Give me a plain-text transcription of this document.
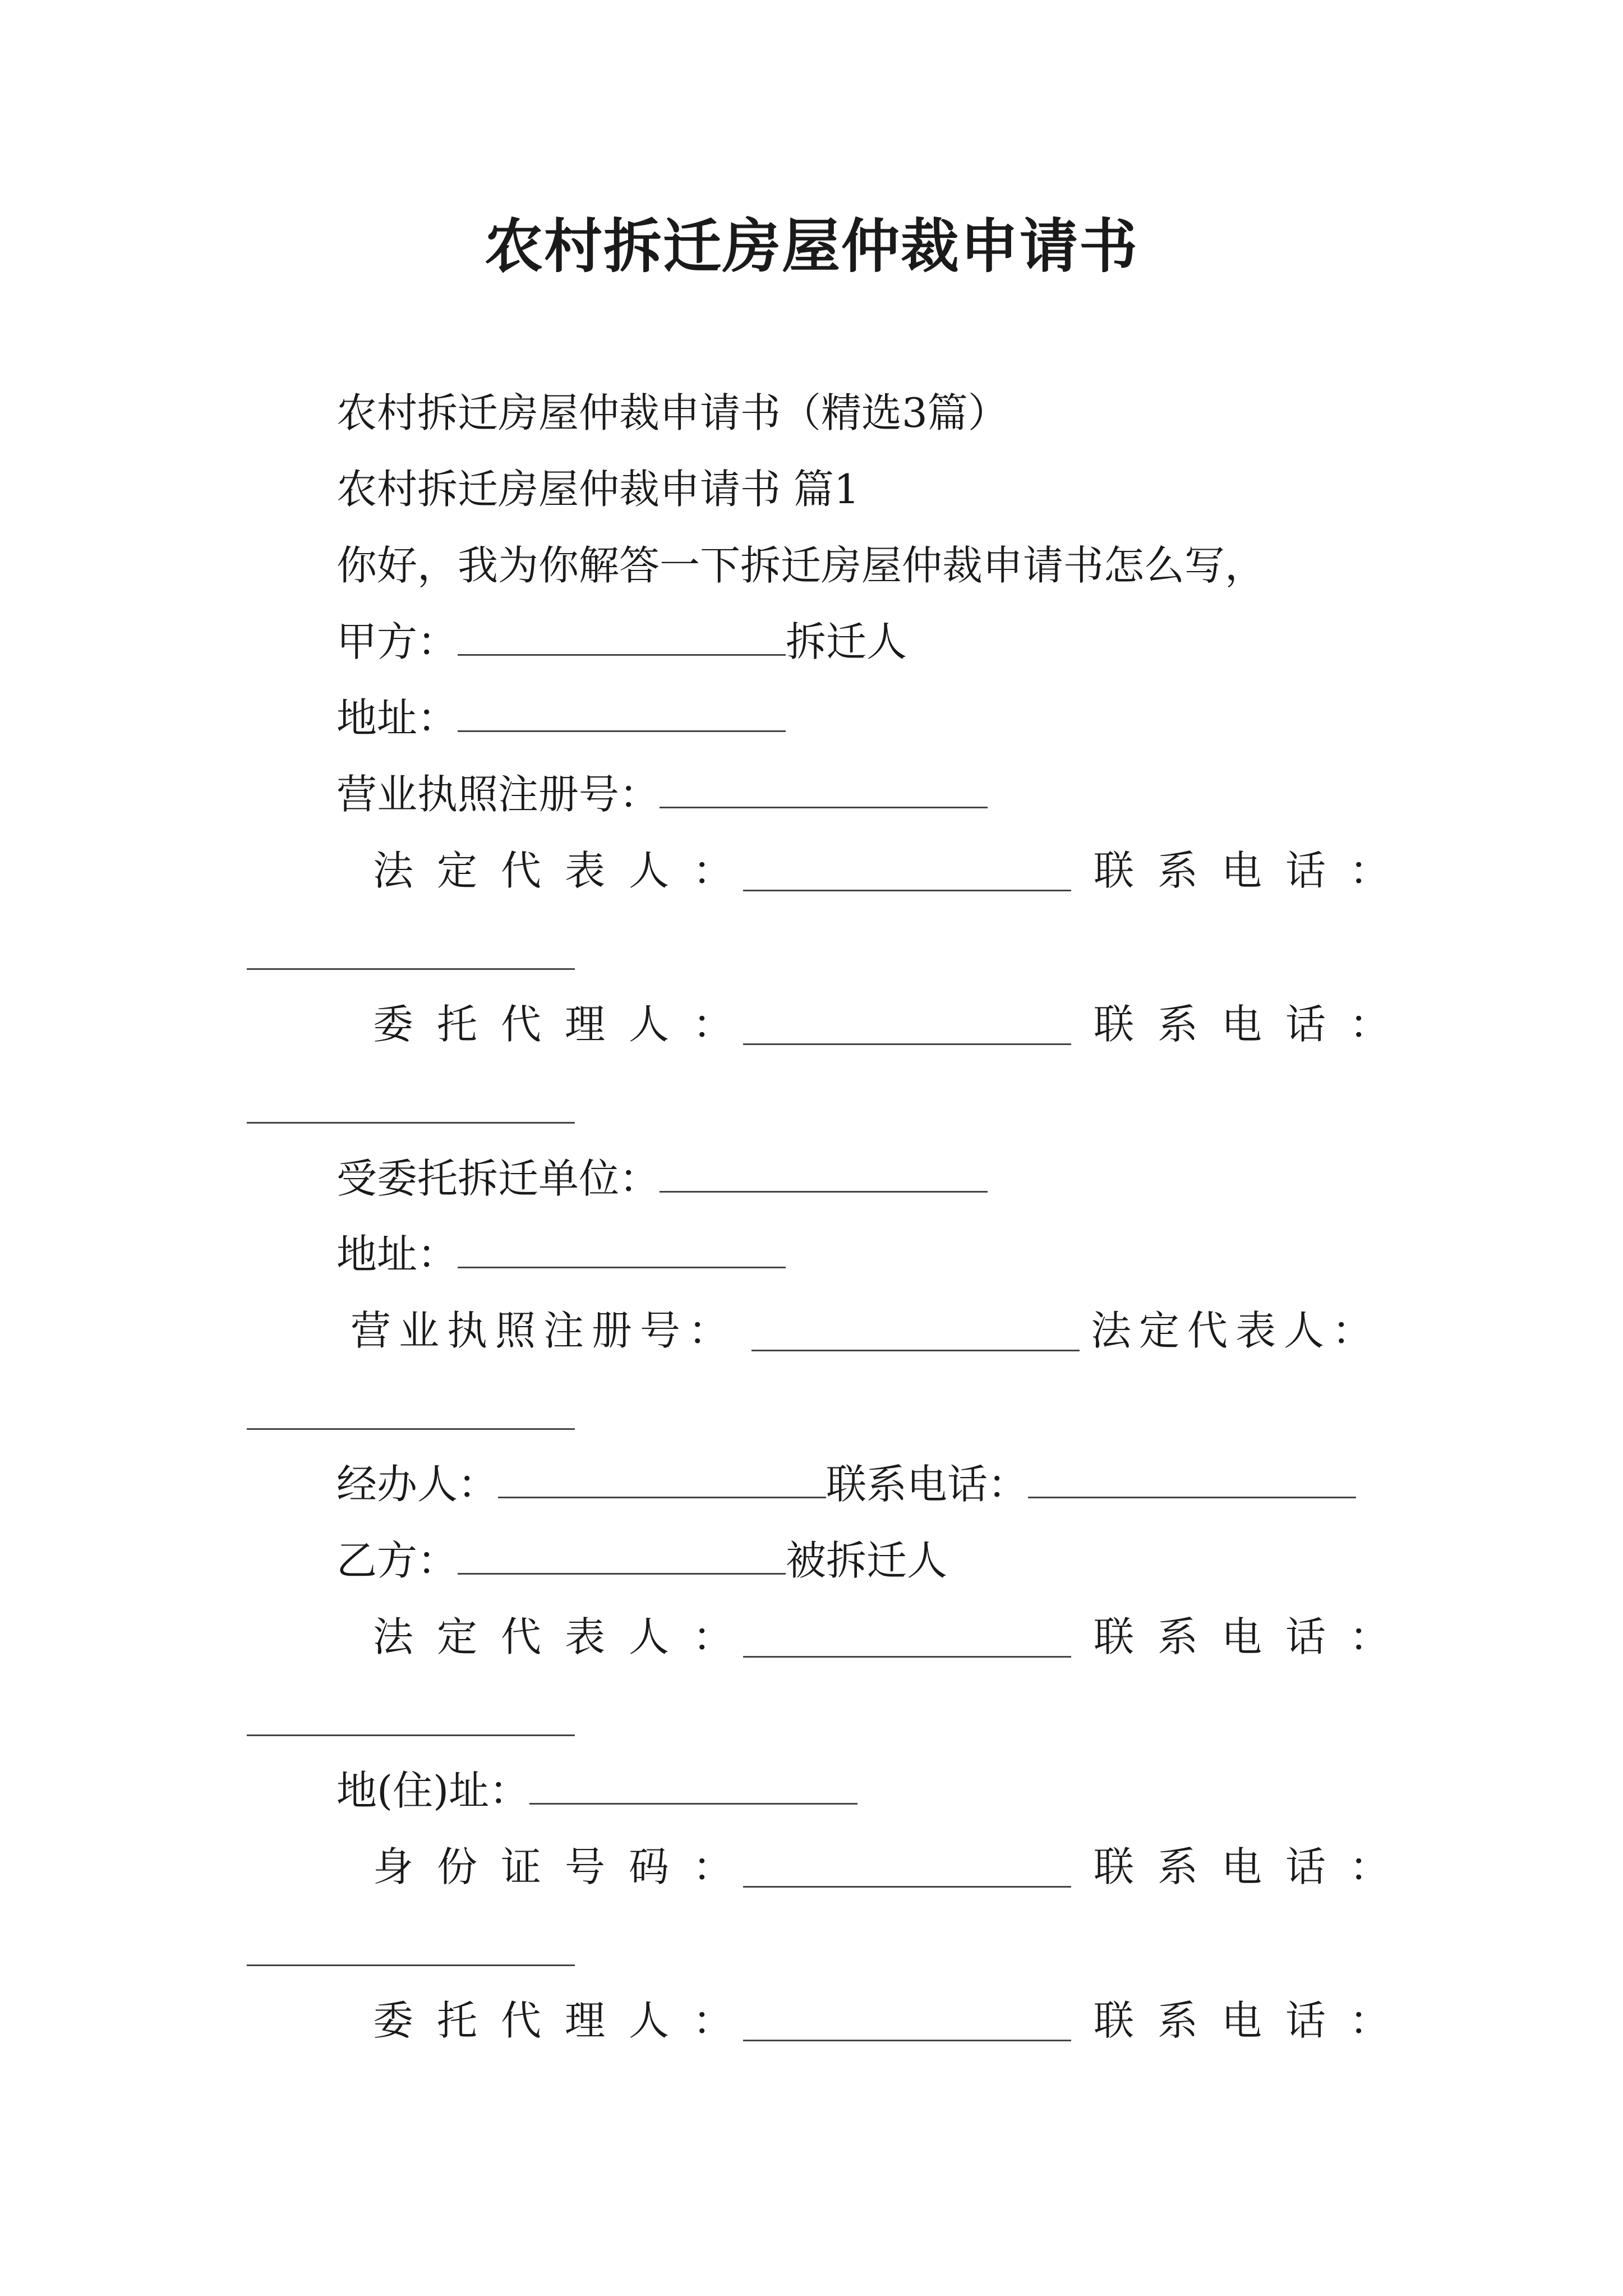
农村拆迁房屋仲裁申请书
农村拆迁房屋仲裁申请书（精选3篇）
农村拆迁房屋仲裁申请书 篇1
你好，我为你解答一下拆迁房屋仲裁申请书怎么写，
甲方：	拆迁人
地址：
营业执照注册号：
法定代表人：	联系电话：
委托代理人：	联系电话：
受委托拆迁单位：
地址：
营业执照注册号：	法定代表人：
经办人：	联系电话：
乙方：	被拆迁人
法定代表人：	联系电话：
地(住)址：
身份证号码：	联系电话：
委托代理人：	联系电话：
